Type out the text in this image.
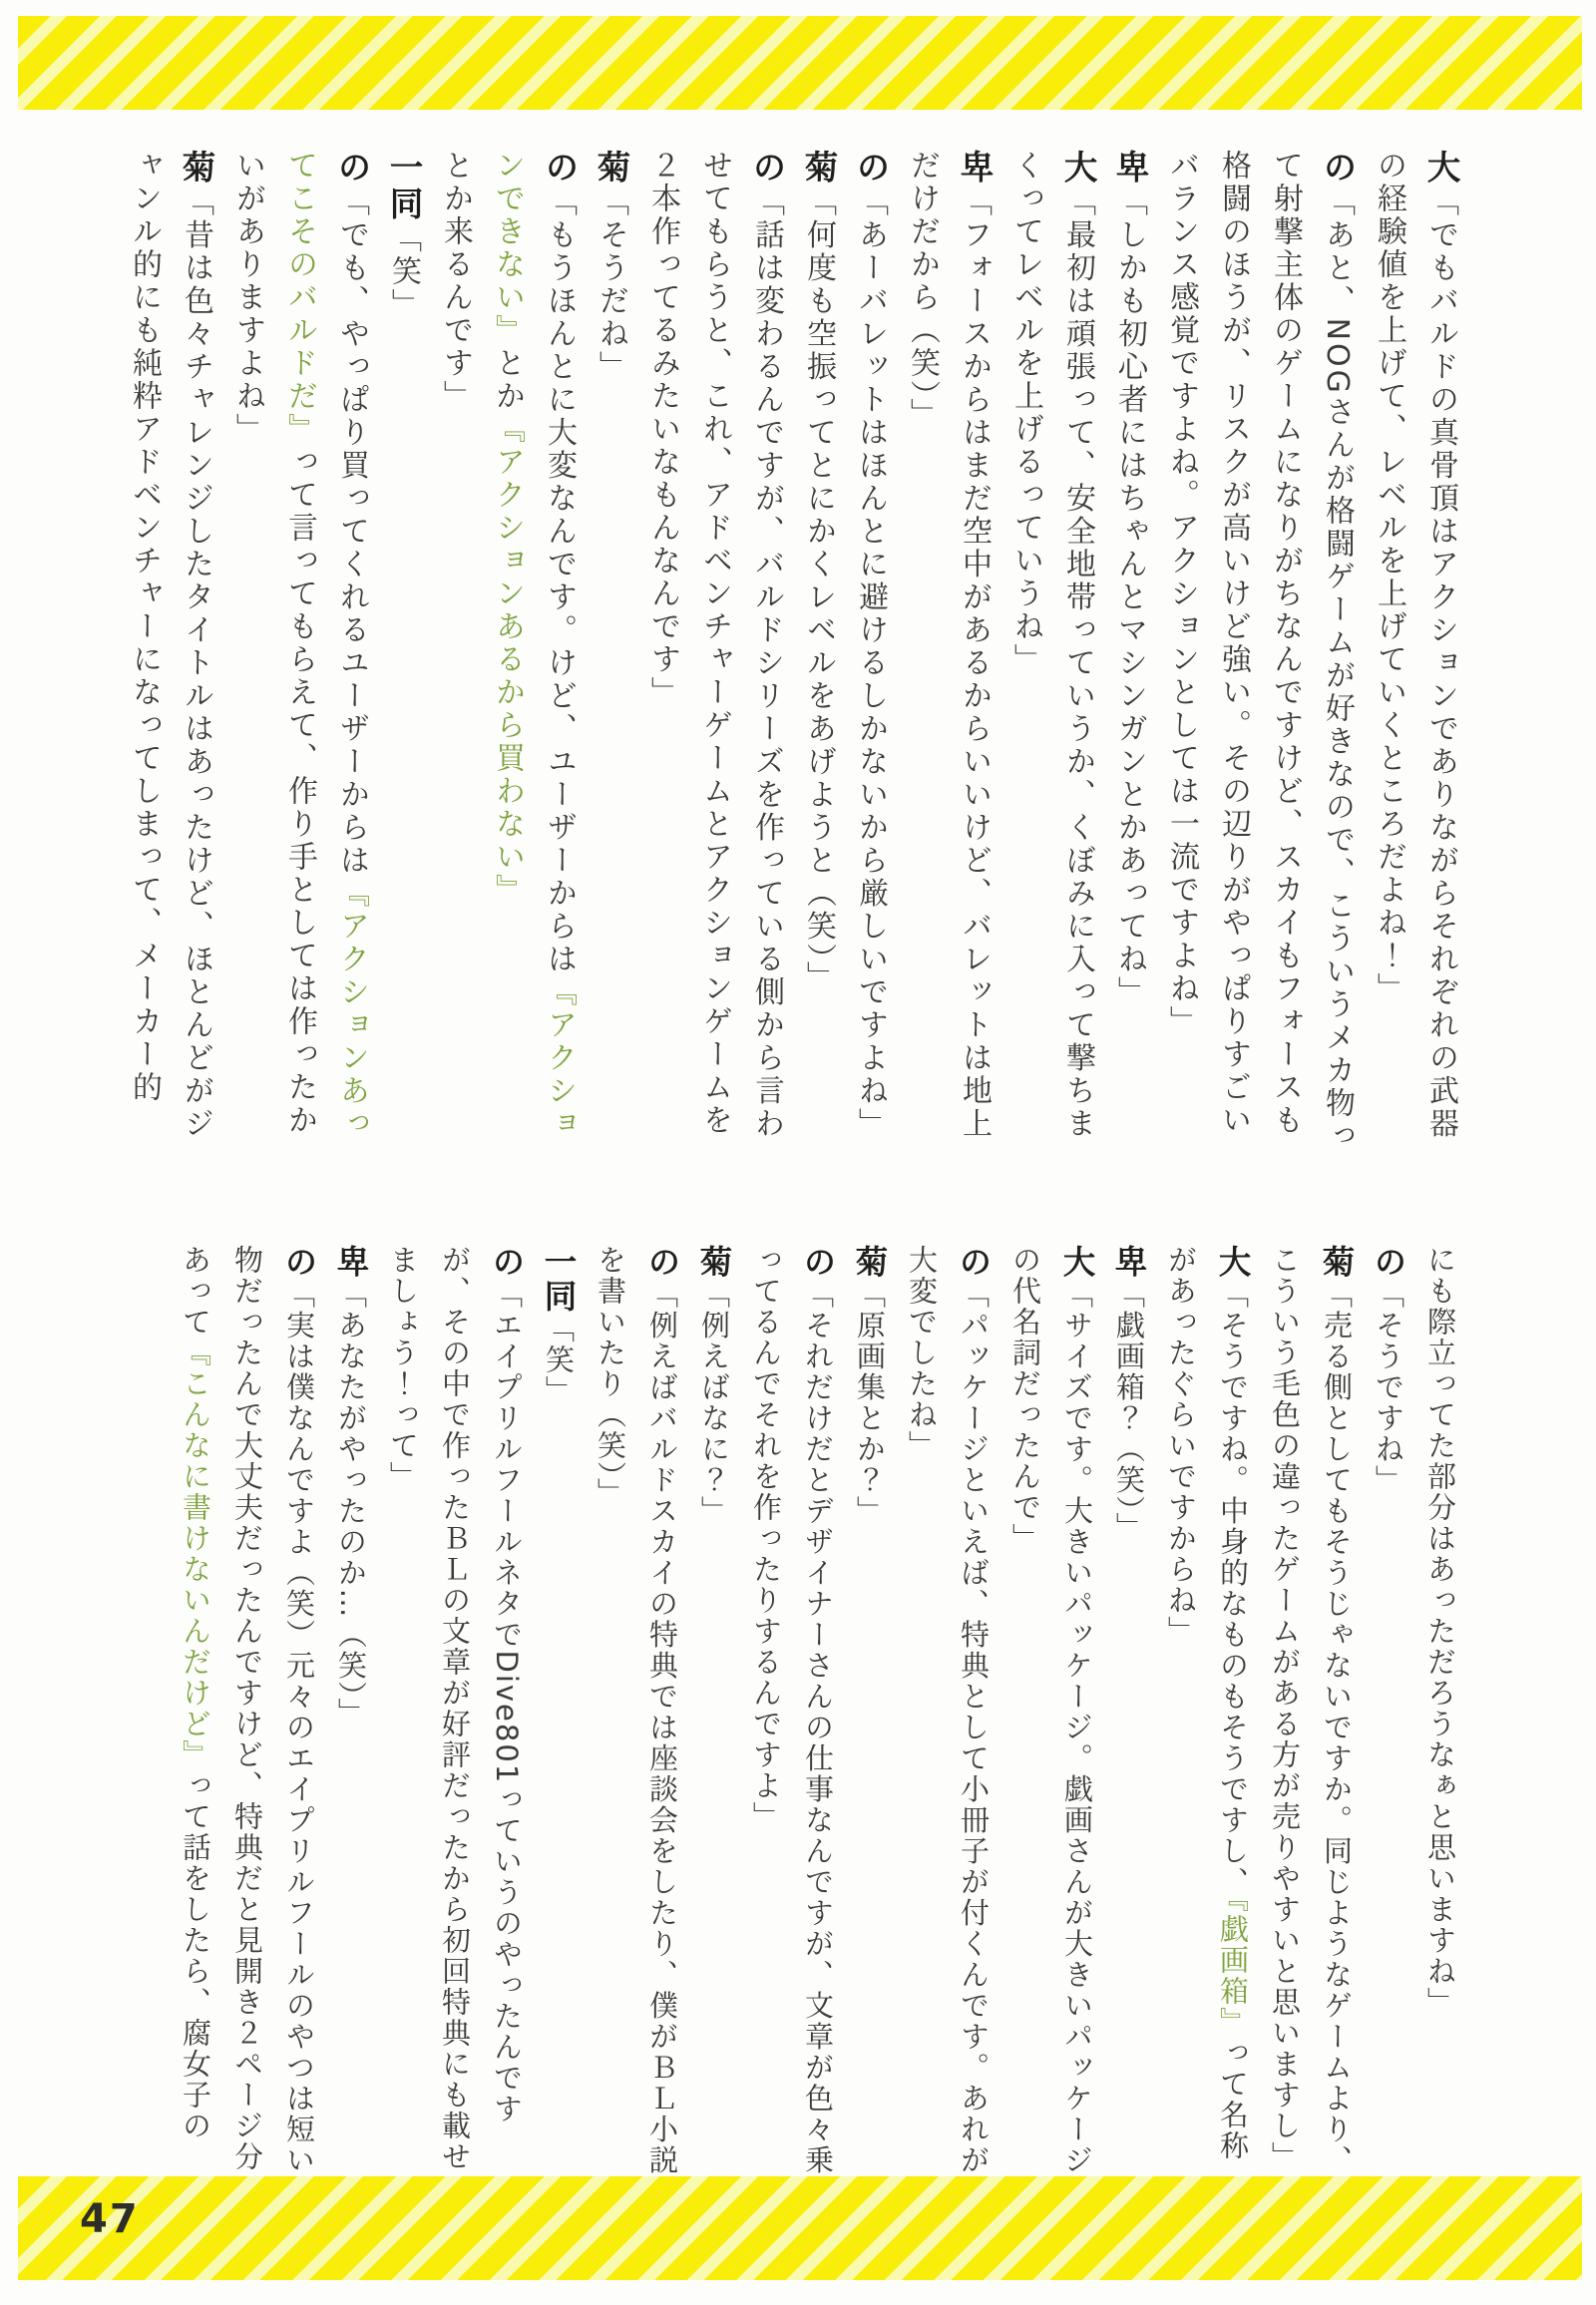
大「でもバルドの真骨頂はアクションでありながらそれぞれの武器の経験値を上げて、レベルを上げていくところだよね！」

の「あと、NOGさんが格闘ゲームが好きなので、こういうメカ物って射撃主体のゲームになりがちなんですけど、スカイもフォースも格闘のほうが、リスクが高いけど強い。その辺りがやっぱりすごいバランス感覚ですよね。アクションとしては一流ですよね」

卑「しかも初心者にはちゃんとマシンガンとかあってね」

大「最初は頑張って、安全地帯っていうか、くぼみに入って撃ちまくってレベルを上げるっていうね」

卑「フォースからはまだ空中があるからいいけど、バレットは地上だけだから（笑）」

の「あーバレットはほんとに避けるしかないから厳しいですよね」

菊「何度も空振ってとにかくレベルをあげようと（笑）」

の「話は変わるんですが、バルドシリーズを作っている側から言わせてもらうと、これ、アドベンチャーゲームとアクションゲームを２本作ってるみたいなもんなんです」

菊「そうだね」

の「もうほんとに大変なんです。けど、ユーザーからは『アクションできない』とか『アクションあるから買わない』とか来るんです」

一同「笑」

の「でも、やっぱり買ってくれるユーザーからは『アクションあってこそのバルドだ』って言ってもらえて、作り手としては作ったかいがありますよね」

菊「昔は色々チャレンジしたタイトルはあったけど、ほとんどがジャンル的にも純粋アドベンチャーになってしまって、メーカー的

にも際立ってた部分はあっただろうなぁと思いますね」

の「そうですね」

菊「売る側としてもそうじゃないですか。同じようなゲームより、こういう毛色の違ったゲームがある方が売りやすいと思いますし」

大「そうですね。中身的なものもそうですし、『戯画箱』って名称があったぐらいですからね」

卑「戯画箱？（笑）」

大「サイズです。大きいパッケージ。戯画さんが大きいパッケージの代名詞だったんで」

の「パッケージといえば、特典として小冊子が付くんです。あれが大変でしたね」

菊「原画集とか？」

の「それだけだとデザイナーさんの仕事なんですが、文章が色々乗ってるんでそれを作ったりするんですよ」

菊「例えばなに？」

の「例えばバルドスカイの特典では座談会をしたり、僕がＢＬ小説を書いたり（笑）」

一同「笑」

の「エイプリルフールネタでDive801っていうのやったんですが、その中で作ったＢＬの文章が好評だったから初回特典にも載せましょう！って」

卑「あなたがやったのか…（笑）」

の「実は僕なんですよ（笑）元々のエイプリルフールのやつは短い物だったんで大丈夫だったんですけど、特典だと見開き２ページ分あって『こんなに書けないんだけど』って話をしたら、腐女子の

47
